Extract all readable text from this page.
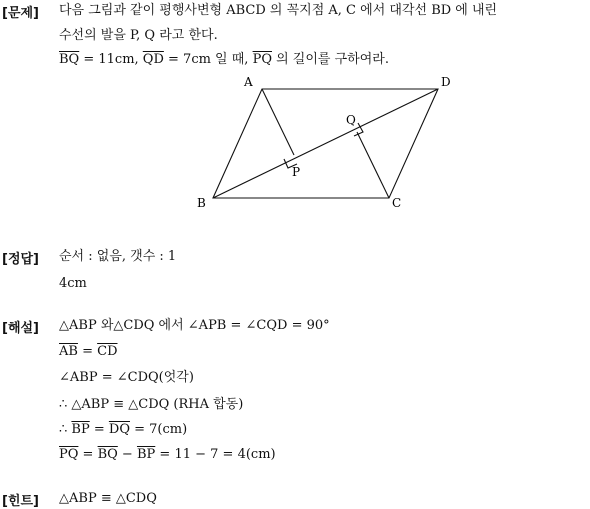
[문제] 다음 그림과 같이 평행사변형 ABCD 의 꼭지점 A, C 에서 대각선 BD 에 내린
수선의 발을 P, Q 라고 한다.
$\overline{BQ} = 11cm$, $\overline{QD} = 7cm$ 일 때, $\overline{PQ}$ 의 길이를 구하여라.
A	D
B	C
P
Q
[정답] 순서 : 없음, 갯수 : 1
4cm
[해설] △ABP 와△CDQ 에서 ∠APB = ∠CQD = 90°
$\overline{AB} = \overline{CD}$
∠ABP = ∠CDQ(엇각)
∴ △ABP ≡ △CDQ (RHA 합동)
∴ $\overline{BP} = \overline{DQ} = 7(cm)$
$\overline{PQ} = \overline{BQ} - \overline{BP} = 11 - 7 = 4(cm)$
[힌트] △ABP ≡ △CDQ
